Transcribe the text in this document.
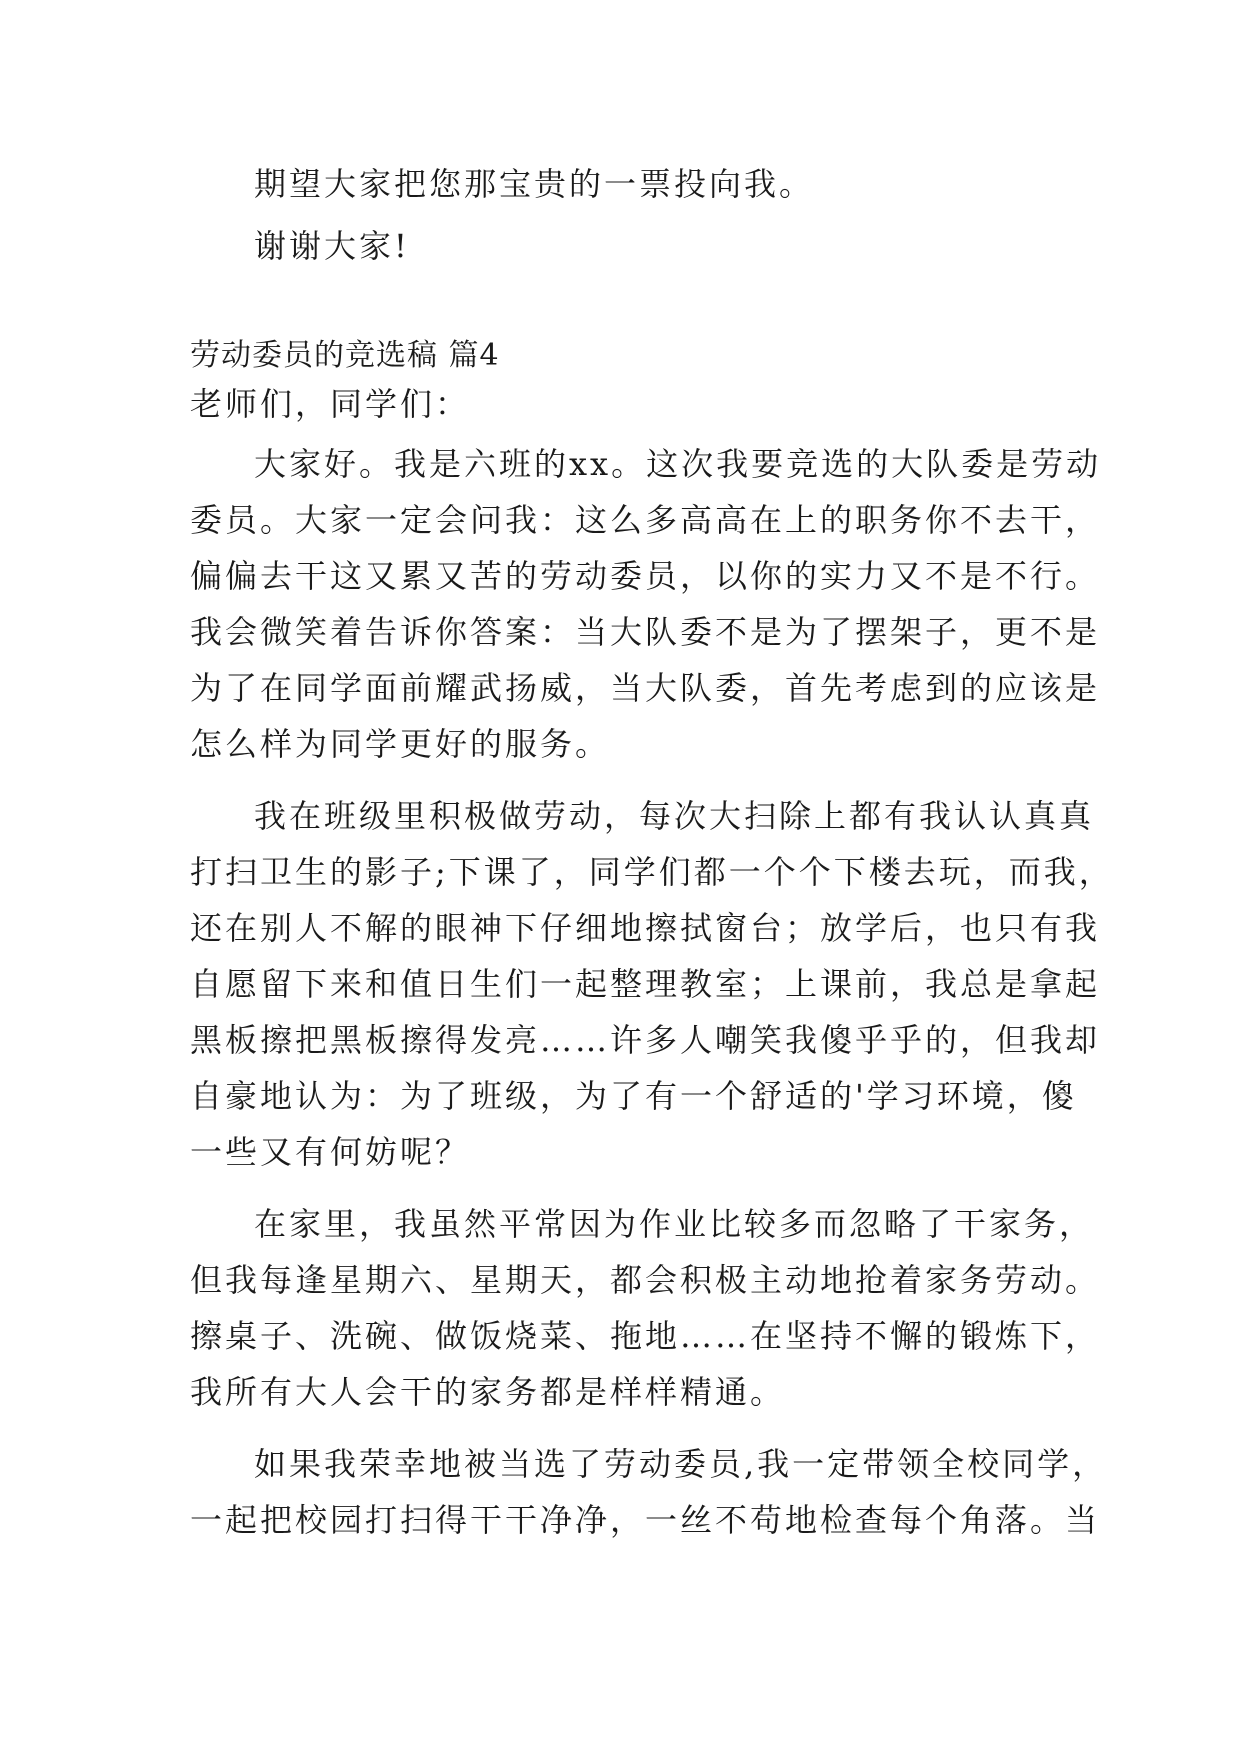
期望大家把您那宝贵的一票投向我。
谢谢大家!
劳动委员的竞选稿 篇4
老师们，同学们：
大家好。我是六班的xx。这次我要竞选的大队委是劳动
委员。大家一定会问我：这么多高高在上的职务你不去干，
偏偏去干这又累又苦的劳动委员，以你的实力又不是不行。
我会微笑着告诉你答案：当大队委不是为了摆架子，更不是
为了在同学面前耀武扬威，当大队委，首先考虑到的应该是
怎么样为同学更好的服务。
我在班级里积极做劳动，每次大扫除上都有我认认真真
打扫卫生的影子;下课了，同学们都一个个下楼去玩，而我，
还在别人不解的眼神下仔细地擦拭窗台；放学后，也只有我
自愿留下来和值日生们一起整理教室；上课前，我总是拿起
黑板擦把黑板擦得发亮……许多人嘲笑我傻乎乎的，但我却
自豪地认为：为了班级，为了有一个舒适的'学习环境，傻
一些又有何妨呢？
在家里，我虽然平常因为作业比较多而忽略了干家务，
但我每逢星期六、星期天，都会积极主动地抢着家务劳动。
擦桌子、洗碗、做饭烧菜、拖地……在坚持不懈的锻炼下，
我所有大人会干的家务都是样样精通。
如果我荣幸地被当选了劳动委员,我一定带领全校同学，
一起把校园打扫得干干净净，一丝不苟地检查每个角落。当
